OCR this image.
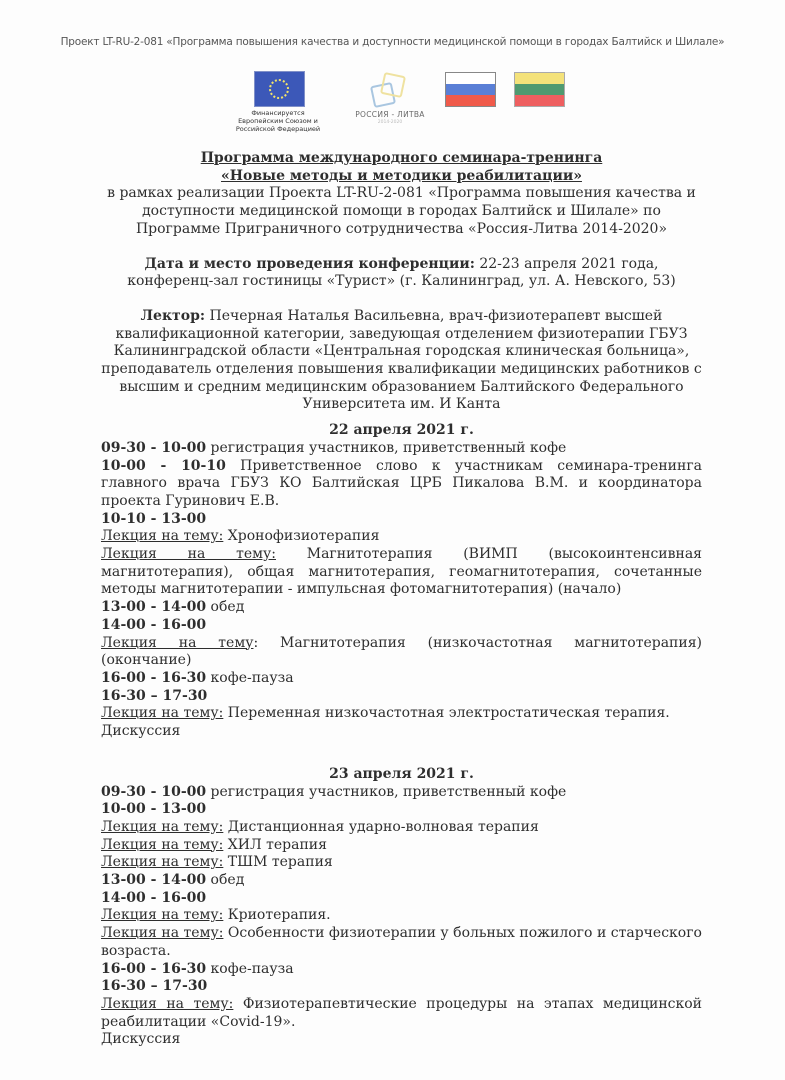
Проект LT-RU-2-081 «Программа повышения качества и доступности медицинской помощи в городах Балтийск и Шилале»
Финансируется
Европейским Союзом и
Российской Федерацией
РОССИЯ - ЛИТВА
2014-2020

Программа международного семинара-тренинга

«Новые методы и методики реабилитации»

в рамках реализации Проекта LT-RU-2-081 «Программа повышения качества и доступности медицинской помощи в городах Балтийск и Шилале» по Программе Приграничного сотрудничества «Россия-Литва 2014-2020»

Дата и место проведения конференции: 22-23 апреля 2021 года, конференц-зал гостиницы «Турист» (г. Калининград, ул. А. Невского, 53)

Лектор: Печерная Наталья Васильевна, врач-физиотерапевт высшей квалификационной категории, заведующая отделением физиотерапии ГБУЗ Калининградской области «Центральная городская клиническая больница», преподаватель отделения повышения квалификации медицинских работников с высшим и средним медицинским образованием Балтийского Федерального Университета им. И Канта

22 апреля 2021 г.

09-30 - 10-00 регистрация участников, приветственный кофе

10-00 - 10-10 Приветственное слово к участникам семинара-тренинга главного врача ГБУЗ КО Балтийская ЦРБ Пикалова В.М. и координатора проекта Гуринович Е.В.

10-10 - 13-00

Лекция на тему: Хронофизиотерапия

Лекция на тему: Магнитотерапия (ВИМП (высокоинтенсивная магнитотерапия), общая магнитотерапия, геомагнитотерапия, сочетанные методы магнитотерапии - импульсная фотомагнитотерапия) (начало)

13-00 - 14-00 обед

14-00 - 16-00

Лекция на тему: Магнитотерапия (низкочастотная магнитотерапия) (окончание)

16-00 - 16-30 кофе-пауза

16-30 – 17-30

Лекция на тему: Переменная низкочастотная электростатическая терапия.

Дискуссия

23 апреля 2021 г.

09-30 - 10-00 регистрация участников, приветственный кофе

10-00 - 13-00

Лекция на тему: Дистанционная ударно-волновая терапия

Лекция на тему: ХИЛ терапия

Лекция на тему: ТШМ терапия

13-00 - 14-00 обед

14-00 - 16-00

Лекция на тему: Криотерапия.

Лекция на тему: Особенности физиотерапии у больных пожилого и старческого возраста.

16-00 - 16-30 кофе-пауза

16-30 – 17-30

Лекция на тему: Физиотерапевтические процедуры на этапах медицинской реабилитации «Covid-19».

Дискуссия
